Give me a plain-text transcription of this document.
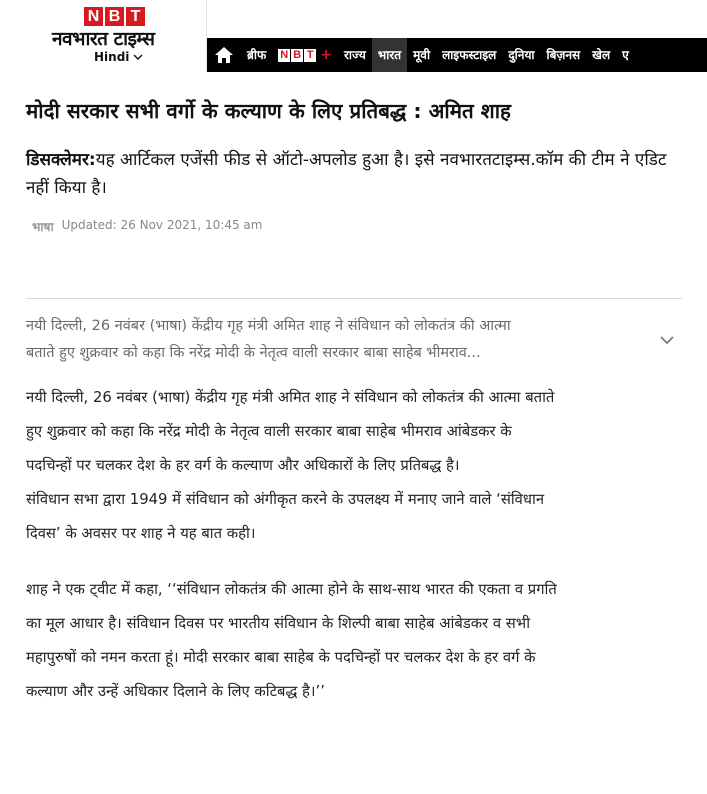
N B T
नवभारत टाइम्स
Hindi	ब्रीफ	N B T +	राज्य	भारत	मूवी	लाइफस्टाइल	दुनिया	बिज़नस	खेल	ए
मोदी सरकार सभी वर्गो के कल्याण के लिए प्रतिबद्ध : अमित शाह
डिसक्लेमर:यह आर्टिकल एजेंसी फीड से ऑटो-अपलोड हुआ है। इसे नवभारतटाइम्स.कॉम की टीम ने एडिट नहीं किया है।
भाषा Updated: 26 Nov 2021, 10:45 am

नयी दिल्ली, 26 नवंबर (भाषा) केंद्रीय गृह मंत्री अमित शाह ने संविधान को लोकतंत्र की आत्मा

बताते हुए शुक्रवार को कहा कि नरेंद्र मोदी के नेतृत्व वाली सरकार बाबा साहेब भीमराव...

नयी दिल्ली, 26 नवंबर (भाषा) केंद्रीय गृह मंत्री अमित शाह ने संविधान को लोकतंत्र की आत्मा बताते
हुए शुक्रवार को कहा कि नरेंद्र मोदी के नेतृत्व वाली सरकार बाबा साहेब भीमराव आंबेडकर के
पदचिन्हों पर चलकर देश के हर वर्ग के कल्याण और अधिकारों के लिए प्रतिबद्ध है।
संविधान सभा द्वारा 1949 में संविधान को अंगीकृत करने के उपलक्ष्य में मनाए जाने वाले ‘संविधान
दिवस’ के अवसर पर शाह ने यह बात कही।

शाह ने एक ट्वीट में कहा, ‘‘संविधान लोकतंत्र की आत्मा होने के साथ-साथ भारत की एकता व प्रगति
का मूल आधार है। संविधान दिवस पर भारतीय संविधान के शिल्पी बाबा साहेब आंबेडकर व सभी
महापुरुषों को नमन करता हूं। मोदी सरकार बाबा साहेब के पदचिन्हों पर चलकर देश के हर वर्ग के
कल्याण और उन्हें अधिकार दिलाने के लिए कटिबद्ध है।’’
